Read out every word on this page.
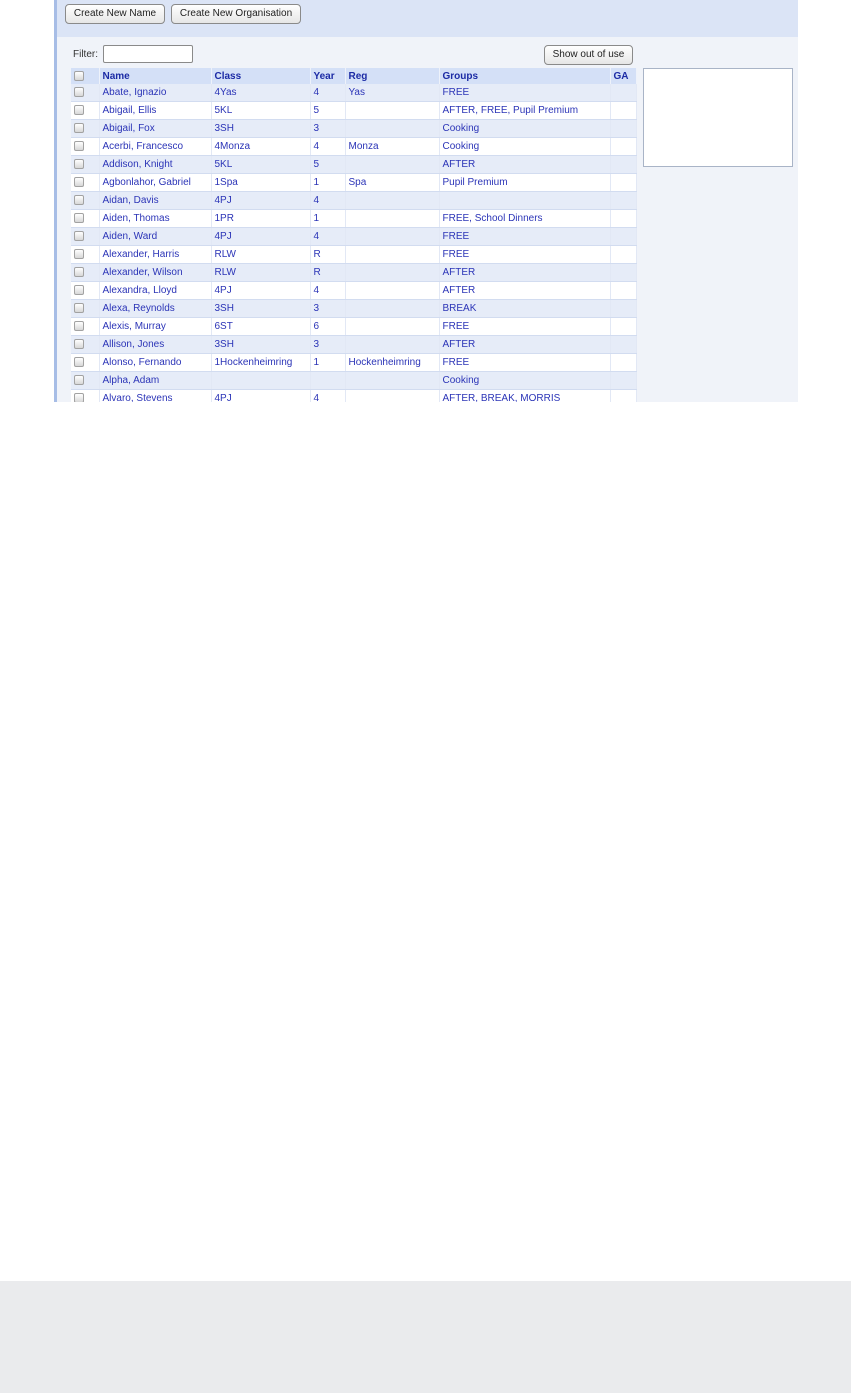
Create New Name	Create New Organisation
Filter:	Show out of use
	Name	Class	Year	Reg	Groups	GA
	Abate, Ignazio	4Yas	4	Yas	FREE	
	Abigail, Ellis	5KL	5		AFTER, FREE, Pupil Premium	
	Abigail, Fox	3SH	3		Cooking	
	Acerbi, Francesco	4Monza	4	Monza	Cooking	
	Addison, Knight	5KL	5		AFTER	
	Agbonlahor, Gabriel	1Spa	1	Spa	Pupil Premium	
	Aidan, Davis	4PJ	4			
	Aiden, Thomas	1PR	1		FREE, School Dinners	
	Aiden, Ward	4PJ	4		FREE	
	Alexander, Harris	RLW	R		FREE	
	Alexander, Wilson	RLW	R		AFTER	
	Alexandra, Lloyd	4PJ	4		AFTER	
	Alexa, Reynolds	3SH	3		BREAK	
	Alexis, Murray	6ST	6		FREE	
	Allison, Jones	3SH	3		AFTER	
	Alonso, Fernando	1Hockenheimring	1	Hockenheimring	FREE	
	Alpha, Adam				Cooking	
	Alvaro, Stevens	4PJ	4		AFTER, BREAK, MORRIS	
